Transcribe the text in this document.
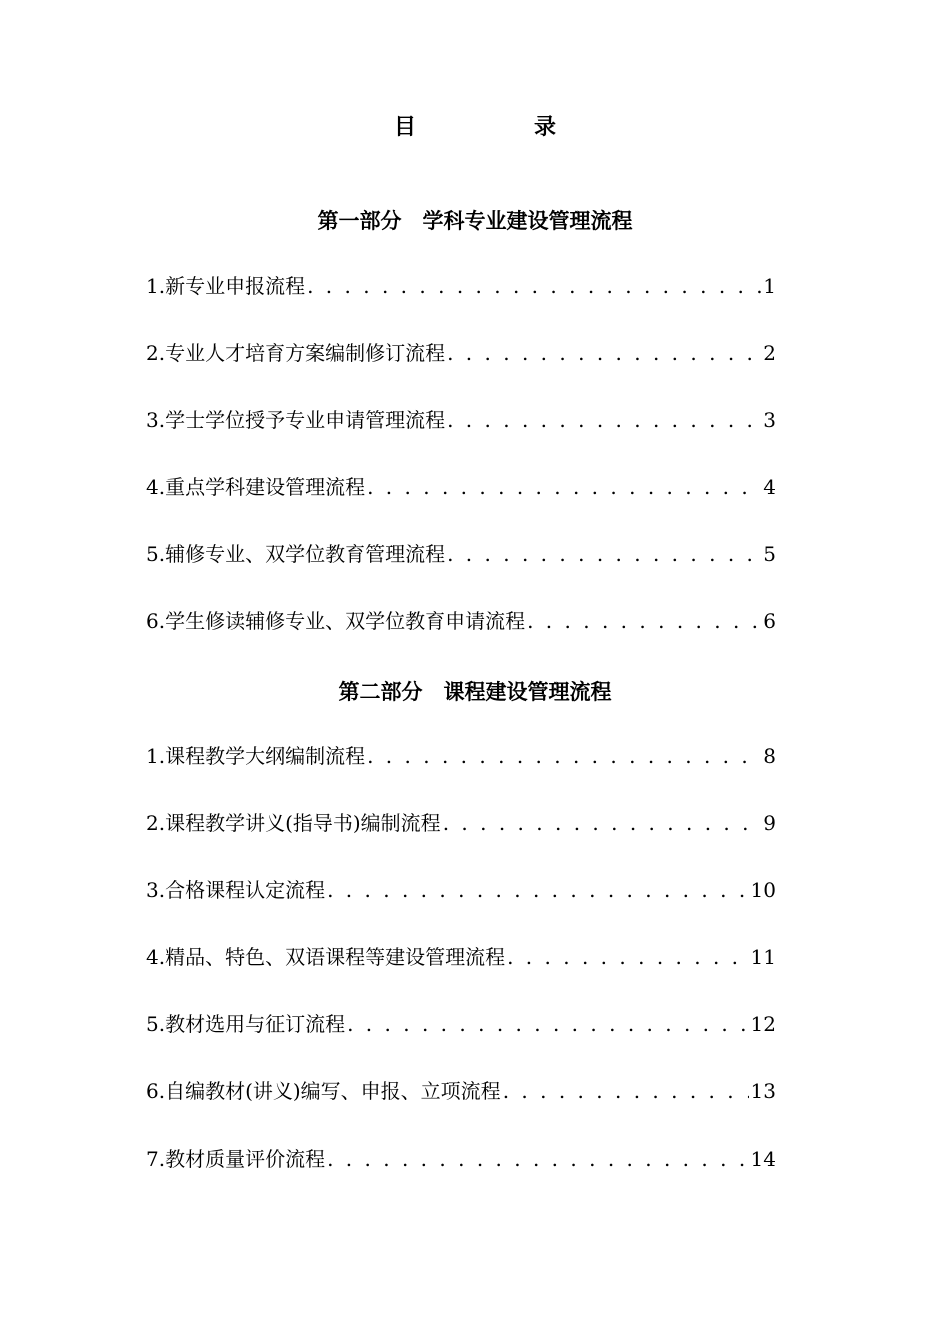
目　录
第一部分　学科专业建设管理流程
1.新专业申报流程 . . .	1
2.专业人才培育方案编制修订流程 . . .	2
3.学士学位授予专业申请管理流程 . . .	3
4.重点学科建设管理流程 . . .	4
5.辅修专业、双学位教育管理流程 . . .	5
6.学生修读辅修专业、双学位教育申请流程 . . .	6
第二部分　课程建设管理流程
1.课程教学大纲编制流程 . . .	8
2.课程教学讲义(指导书)编制流程 . . .	9
3.合格课程认定流程 . . .	10
4.精品、特色、双语课程等建设管理流程 . . .	11
5.教材选用与征订流程 . . .	12
6.自编教材(讲义)编写、申报、立项流程 . . .	13
7.教材质量评价流程 . . .	14
